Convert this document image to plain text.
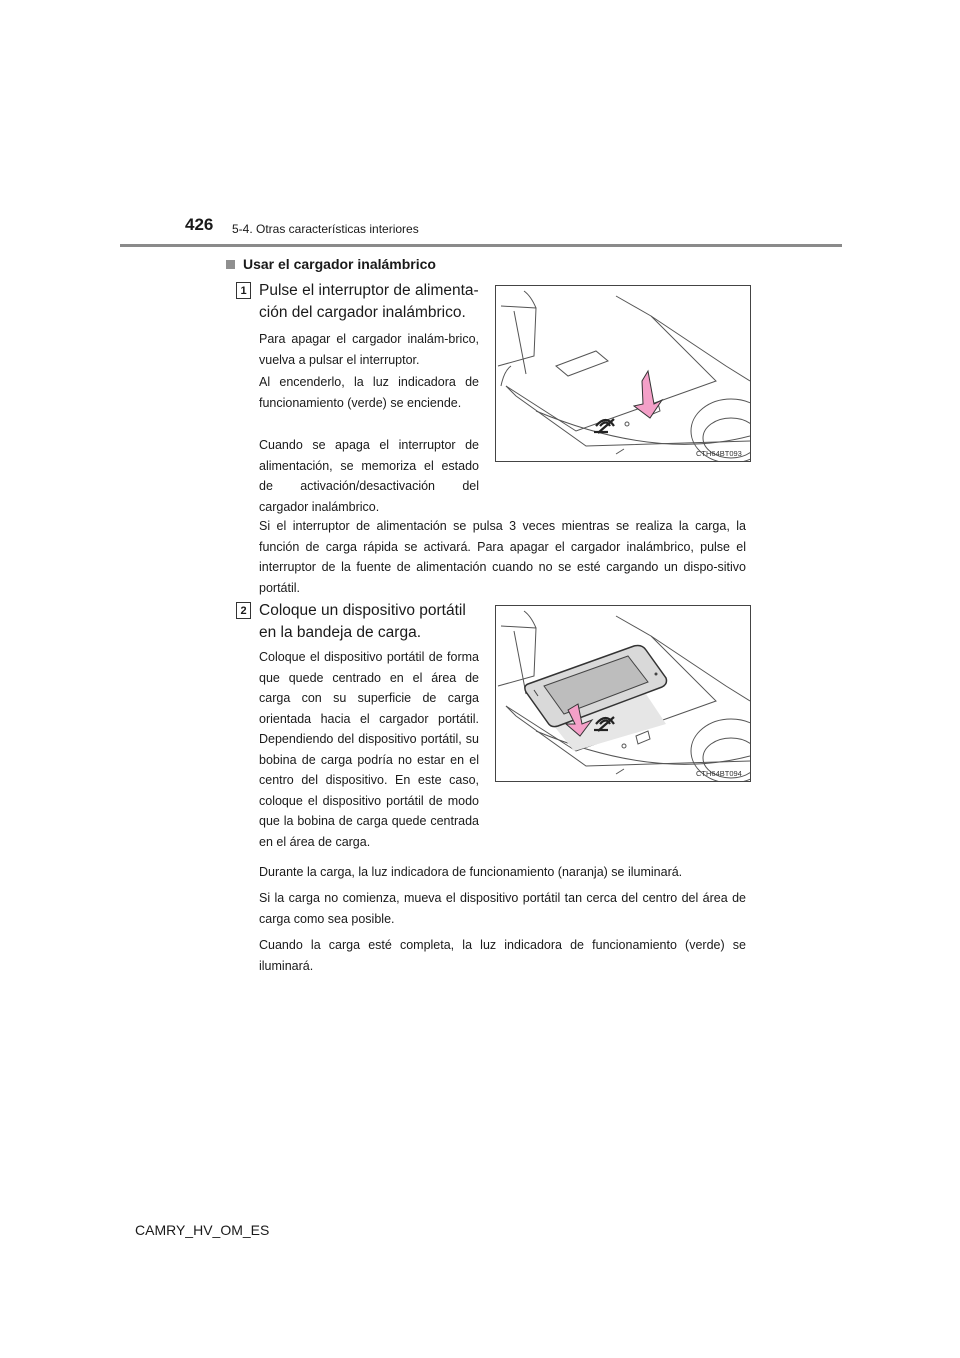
426 5-4. Otras características interiores
Usar el cargador inalámbrico
1 Pulse el interruptor de alimenta-
ción del cargador inalámbrico.

Para apagar el cargador inalám-brico, vuelva a pulsar el interruptor.

Al encenderlo, la luz indicadora de funcionamiento (verde) se enciende.

Cuando se apaga el interruptor de alimentación, se memoriza el estado de activación/desactivación del cargador inalámbrico.

CTH64BT093

Si el interruptor de alimentación se pulsa 3 veces mientras se realiza la carga, la función de carga rápida se activará. Para apagar el cargador inalámbrico, pulse el interruptor de la fuente de alimentación cuando no se esté cargando un dispo-sitivo portátil.

2 Coloque un dispositivo portátil
en la bandeja de carga.

Coloque el dispositivo portátil de forma que quede centrado en el área de carga con su superficie de carga orientada hacia el cargador portátil. Dependiendo del dispositivo portátil, su bobina de carga podría no estar en el centro del dispositivo. En este caso, coloque el dispositivo portátil de modo que la bobina de carga quede centrada en el área de carga.

CTH64BT094

Durante la carga, la luz indicadora de funcionamiento (naranja) se iluminará.

Si la carga no comienza, mueva el dispositivo portátil tan cerca del centro del área de carga como sea posible.

Cuando la carga esté completa, la luz indicadora de funcionamiento (verde) se iluminará.

CAMRY_HV_OM_ES
